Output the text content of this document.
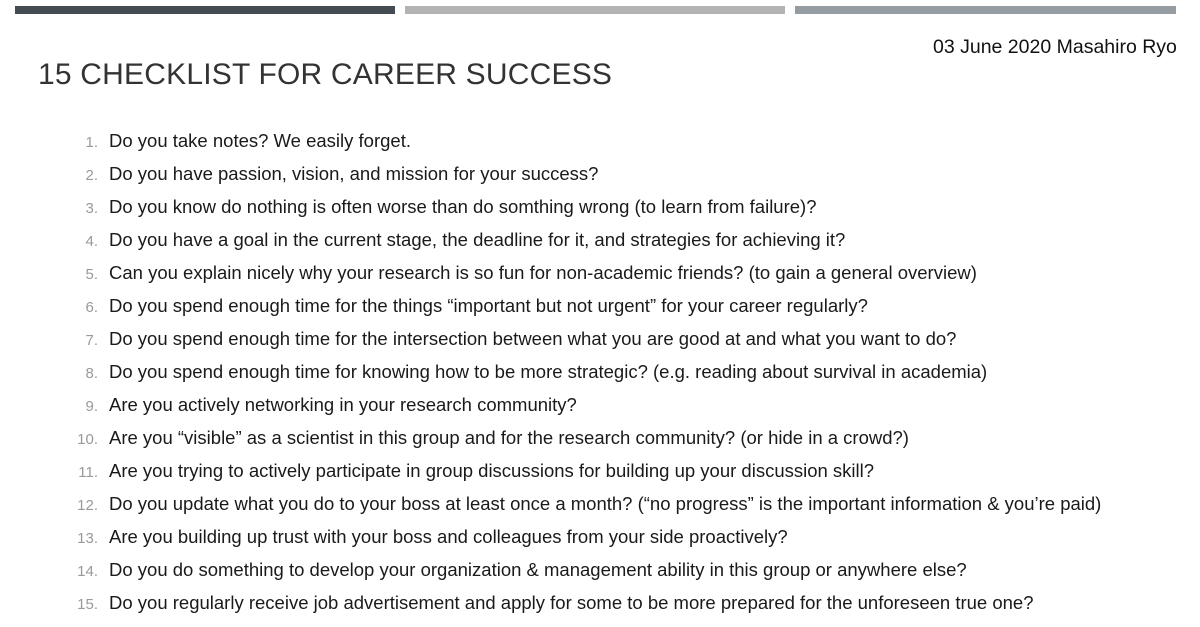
03 June 2020 Masahiro Ryo
15 CHECKLIST FOR CAREER SUCCESS
1. Do you take notes? We easily forget.
2. Do you have passion, vision, and mission for your success?
3. Do you know do nothing is often worse than do somthing wrong (to learn from failure)?
4. Do you have a goal in the current stage, the deadline for it, and strategies for achieving it?
5. Can you explain nicely why your research is so fun for non-academic friends? (to gain a general overview)
6. Do you spend enough time for the things “important but not urgent” for your career regularly?
7. Do you spend enough time for the intersection between what you are good at and what you want to do?
8. Do you spend enough time for knowing how to be more strategic? (e.g. reading about survival in academia)
9. Are you actively networking in your research community?
10. Are you “visible” as a scientist in this group and for the research community? (or hide in a crowd?)
11. Are you trying to actively participate in group discussions for building up your discussion skill?
12. Do you update what you do to your boss at least once a month? (“no progress” is the important information & you’re paid)
13. Are you building up trust with your boss and colleagues from your side proactively?
14. Do you do something to develop your organization & management ability in this group or anywhere else?
15. Do you regularly receive job advertisement and apply for some to be more prepared for the unforeseen true one?
